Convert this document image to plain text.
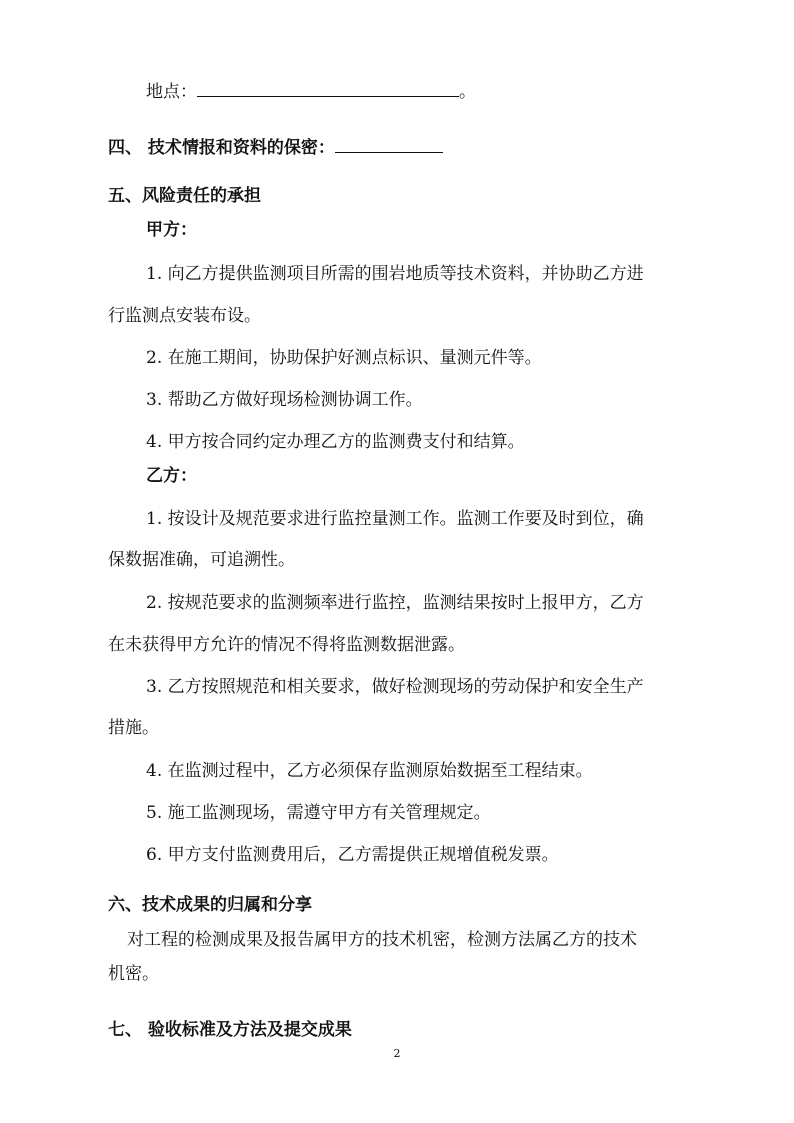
地点：	。
四、 技术情报和资料的保密：
五、风险责任的承担
甲方：
1. 向乙方提供监测项目所需的围岩地质等技术资料，并协助乙方进
行监测点安装布设。
2. 在施工期间，协助保护好测点标识、量测元件等。
3. 帮助乙方做好现场检测协调工作。
4. 甲方按合同约定办理乙方的监测费支付和结算。
乙方：
1. 按设计及规范要求进行监控量测工作。监测工作要及时到位，确
保数据准确，可追溯性。
2. 按规范要求的监测频率进行监控，监测结果按时上报甲方，乙方
在未获得甲方允许的情况不得将监测数据泄露。
3. 乙方按照规范和相关要求，做好检测现场的劳动保护和安全生产
措施。
4. 在监测过程中，乙方必须保存监测原始数据至工程结束。
5. 施工监测现场，需遵守甲方有关管理规定。
6. 甲方支付监测费用后，乙方需提供正规增值税发票。
六、技术成果的归属和分享
对工程的检测成果及报告属甲方的技术机密，检测方法属乙方的技术
机密。
七、 验收标准及方法及提交成果
2
